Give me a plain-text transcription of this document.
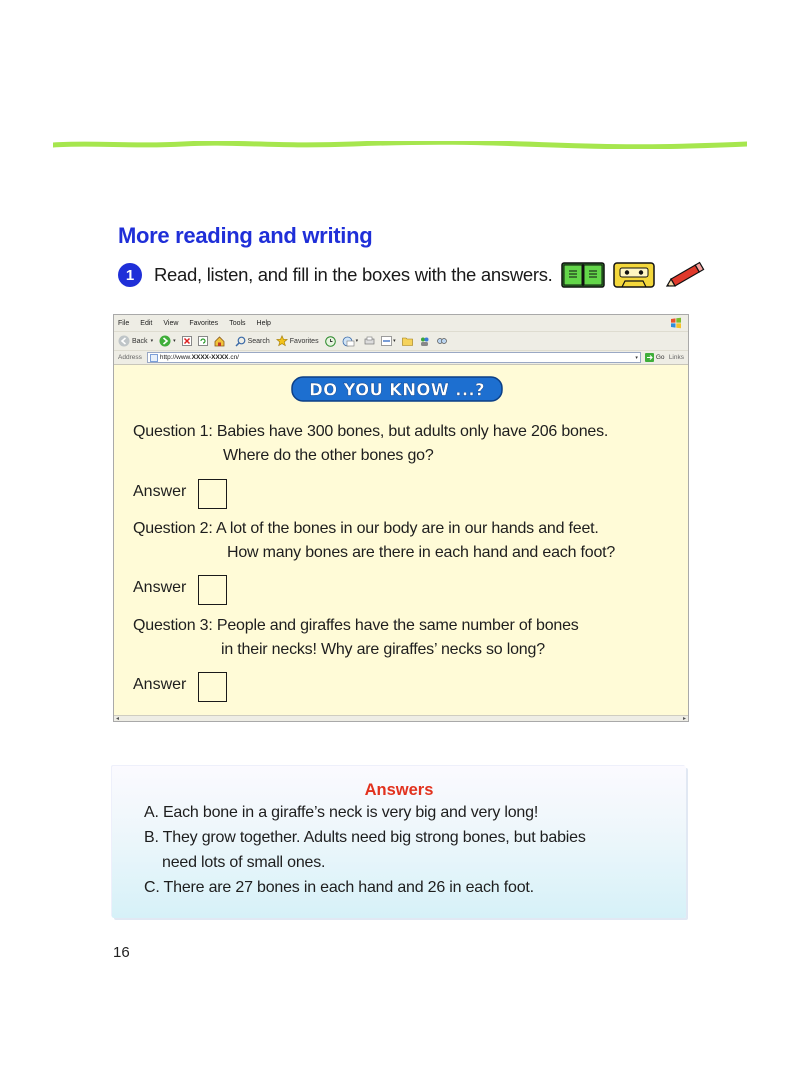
More reading and writing
1	Read, listen, and fill in the boxes with the answers.
File Edit View Favorites Tools Help
Back ▾	▾	Search	Favorites	▾	▾
Address	http://www. XXXX-XXXX .cn/	▾	Go Links
DO YOU KNOW ...?
Question 1: Babies have 300 bones, but adults only have 206 bones.
Where do the other bones go?
Answer
Question 2: A lot of the bones in our body are in our hands and feet.
How many bones are there in each hand and each foot?
Answer
Question 3: People and giraffes have the same number of bones
in their necks! Why are giraffes’ necks so long?
Answer
◂	▸
Answers
A. Each bone in a giraffe’s neck is very big and very long!
B. They grow together. Adults need big strong bones, but babies
need lots of small ones.
C. There are 27 bones in each hand and 26 in each foot.
16
